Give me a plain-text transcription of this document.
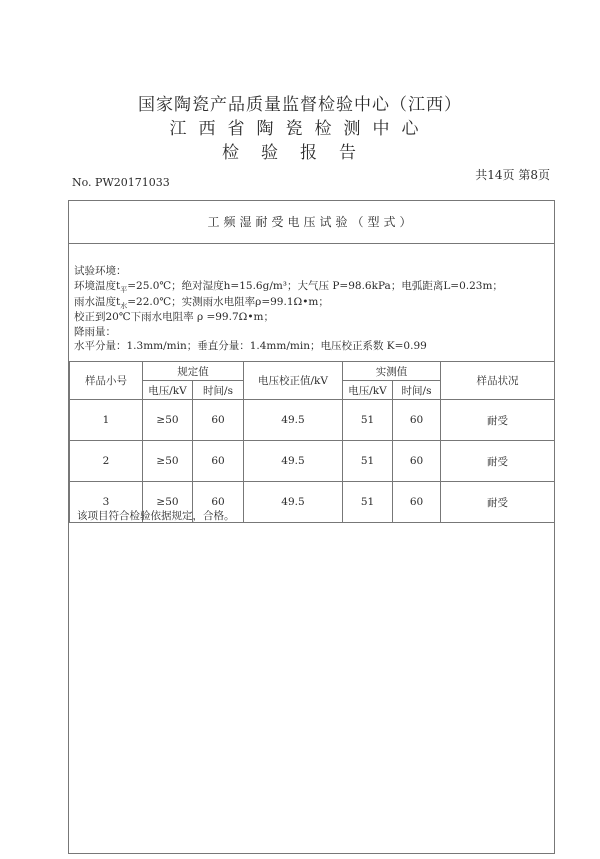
国家陶瓷产品质量监督检验中心（江西）
江西省陶瓷检测中心
检验报告
No. PW20171033
共14页 第8页
工频湿耐受电压试验（型式）
试验环境：
环境温度$t_平=25.0℃$；绝对湿度h=15.6g/m³；大气压 P=98.6kPa；电弧距离L=0.23m；
雨水温度$t_水=22.0℃$；实测雨水电阻率ρ=99.1Ω•m；
校正到20℃下雨水电阻率 ρ =99.7Ω•m；
降雨量：
水平分量：1.3mm/min；垂直分量：1.4mm/min；电压校正系数 K=0.99
样品小号	规定值		电压校正值/kV	实测值		样品状况
	电压/kV	时间/s		电压/kV	时间/s	
1	≥50	60	49.5	51	60	耐受
2	≥50	60	49.5	51	60	耐受
3	≥50	60	49.5	51	60	耐受
该项目符合检验依据规定，合格。
